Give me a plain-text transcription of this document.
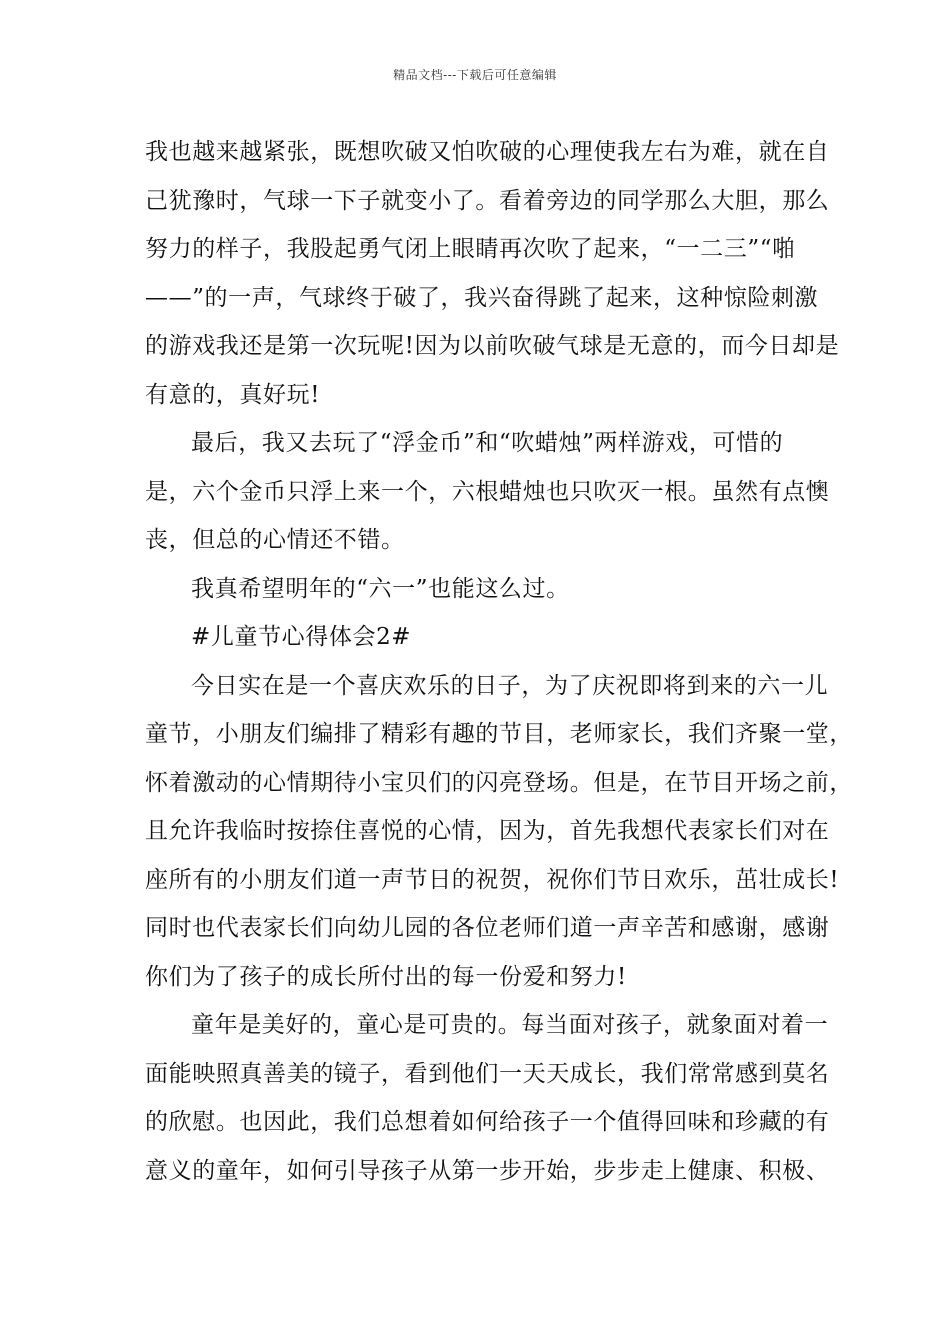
精品文档---下载后可任意编辑
我也越来越紧张，既想吹破又怕吹破的心理使我左右为难，就在自
己犹豫时，气球一下子就变小了。看着旁边的同学那么大胆，那么
努力的样子，我股起勇气闭上眼睛再次吹了起来，“一二三”“啪
——”的一声，气球终于破了，我兴奋得跳了起来，这种惊险刺激
的游戏我还是第一次玩呢!因为以前吹破气球是无意的，而今日却是
有意的，真好玩!
最后，我又去玩了“浮金币”和“吹蜡烛”两样游戏，可惜的
是，六个金币只浮上来一个，六根蜡烛也只吹灭一根。虽然有点懊
丧，但总的心情还不错。
我真希望明年的“六一”也能这么过。
#儿童节心得体会2#
今日实在是一个喜庆欢乐的日子，为了庆祝即将到来的六一儿
童节，小朋友们编排了精彩有趣的节目，老师家长，我们齐聚一堂，
怀着激动的心情期待小宝贝们的闪亮登场。但是，在节目开场之前，
且允许我临时按捺住喜悦的心情，因为，首先我想代表家长们对在
座所有的小朋友们道一声节日的祝贺，祝你们节日欢乐，茁壮成长!
同时也代表家长们向幼儿园的各位老师们道一声辛苦和感谢，感谢
你们为了孩子的成长所付出的每一份爱和努力!
童年是美好的，童心是可贵的。每当面对孩子，就象面对着一
面能映照真善美的镜子，看到他们一天天成长，我们常常感到莫名
的欣慰。也因此，我们总想着如何给孩子一个值得回味和珍藏的有
意义的童年，如何引导孩子从第一步开始，步步走上健康、积极、
